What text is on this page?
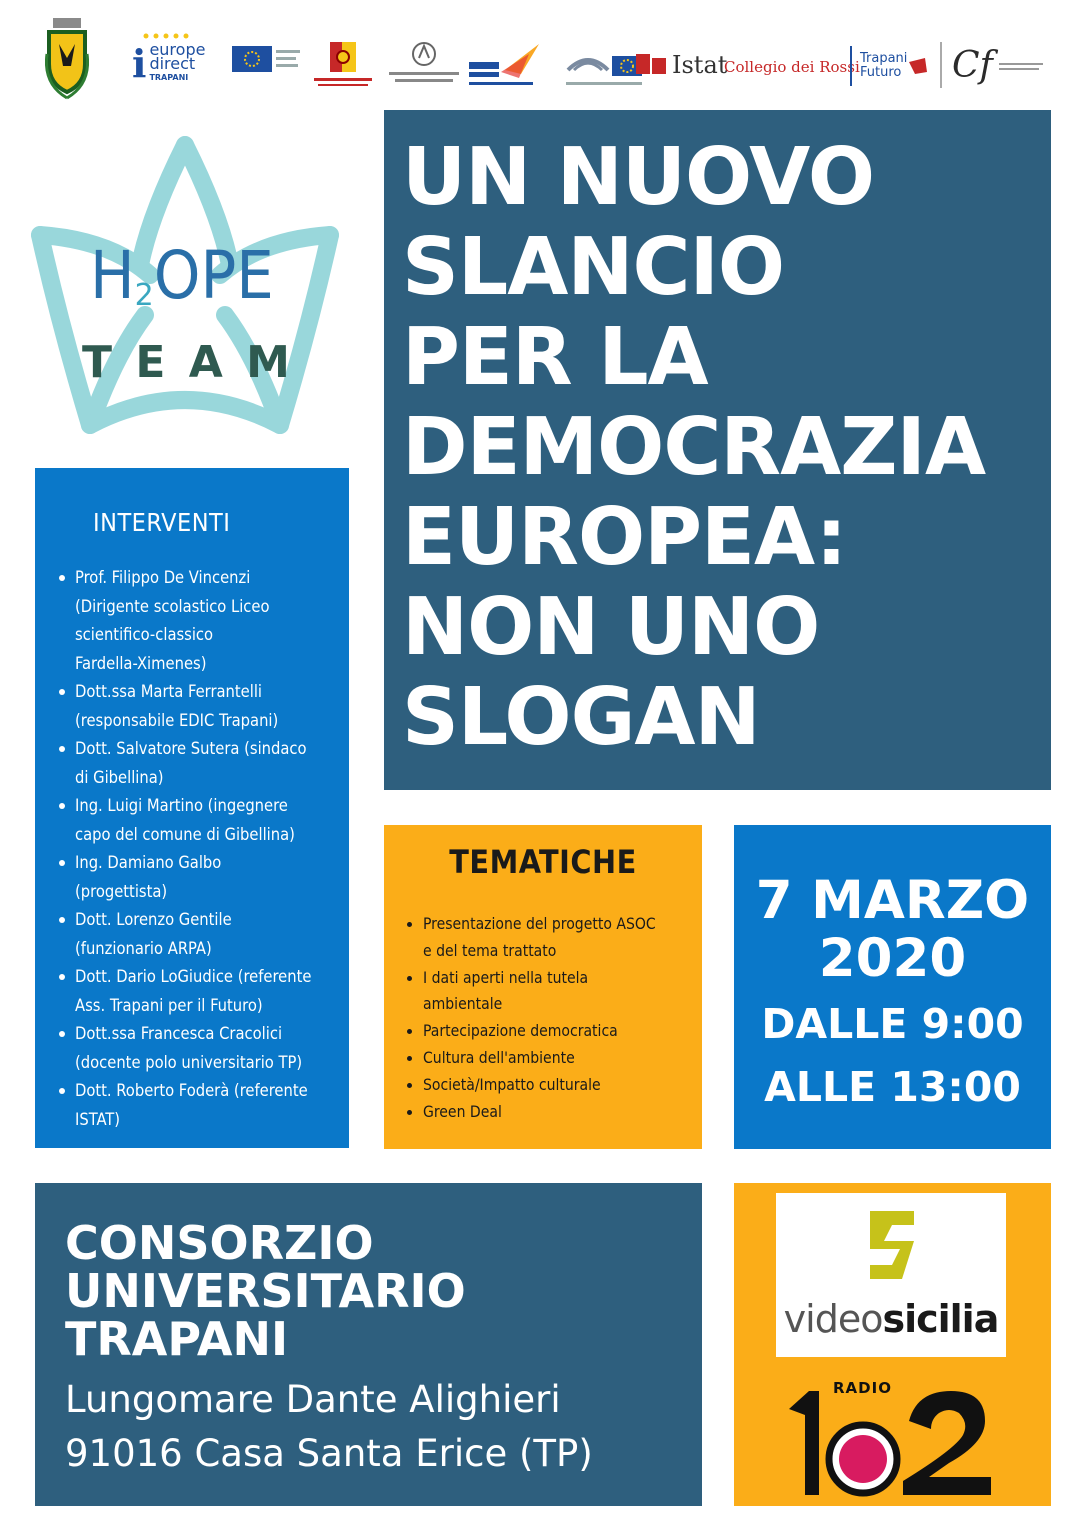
i europe
direct
TRAPANI	Istat
Collegio dei Rossi Trapani
Futuro Cf
H 2 OPE
T E A M
UN NUOVO
SLANCIO
PER LA
DEMOCRAZIA
EUROPEA:
NON UNO
SLOGAN
INTERVENTI
Prof. Filippo De Vincenzi
(Dirigente scolastico Liceo
scientifico-classico
Fardella-Ximenes)
Dott.ssa Marta Ferrantelli
(responsabile EDIC Trapani)
Dott. Salvatore Sutera (sindaco
di Gibellina)
Ing. Luigi Martino (ingegnere
capo del comune di Gibellina)
Ing. Damiano Galbo
(progettista)
Dott. Lorenzo Gentile
(funzionario ARPA)
Dott. Dario LoGiudice (referente
Ass. Trapani per il Futuro)
Dott.ssa Francesca Cracolici
(docente polo universitario TP)
Dott. Roberto Foderà (referente
ISTAT)
TEMATICHE
Presentazione del progetto ASOC
e del tema trattato
I dati aperti nella tutela
ambientale
Partecipazione democratica
Cultura dell'ambiente
Società/Impatto culturale
Green Deal
7 MARZO
2020
DALLE 9:00
ALLE 13:00
CONSORZIO
UNIVERSITARIO
TRAPANI
Lungomare Dante Alighieri
91016 Casa Santa Erice (TP)
videosicilia
RADIO
